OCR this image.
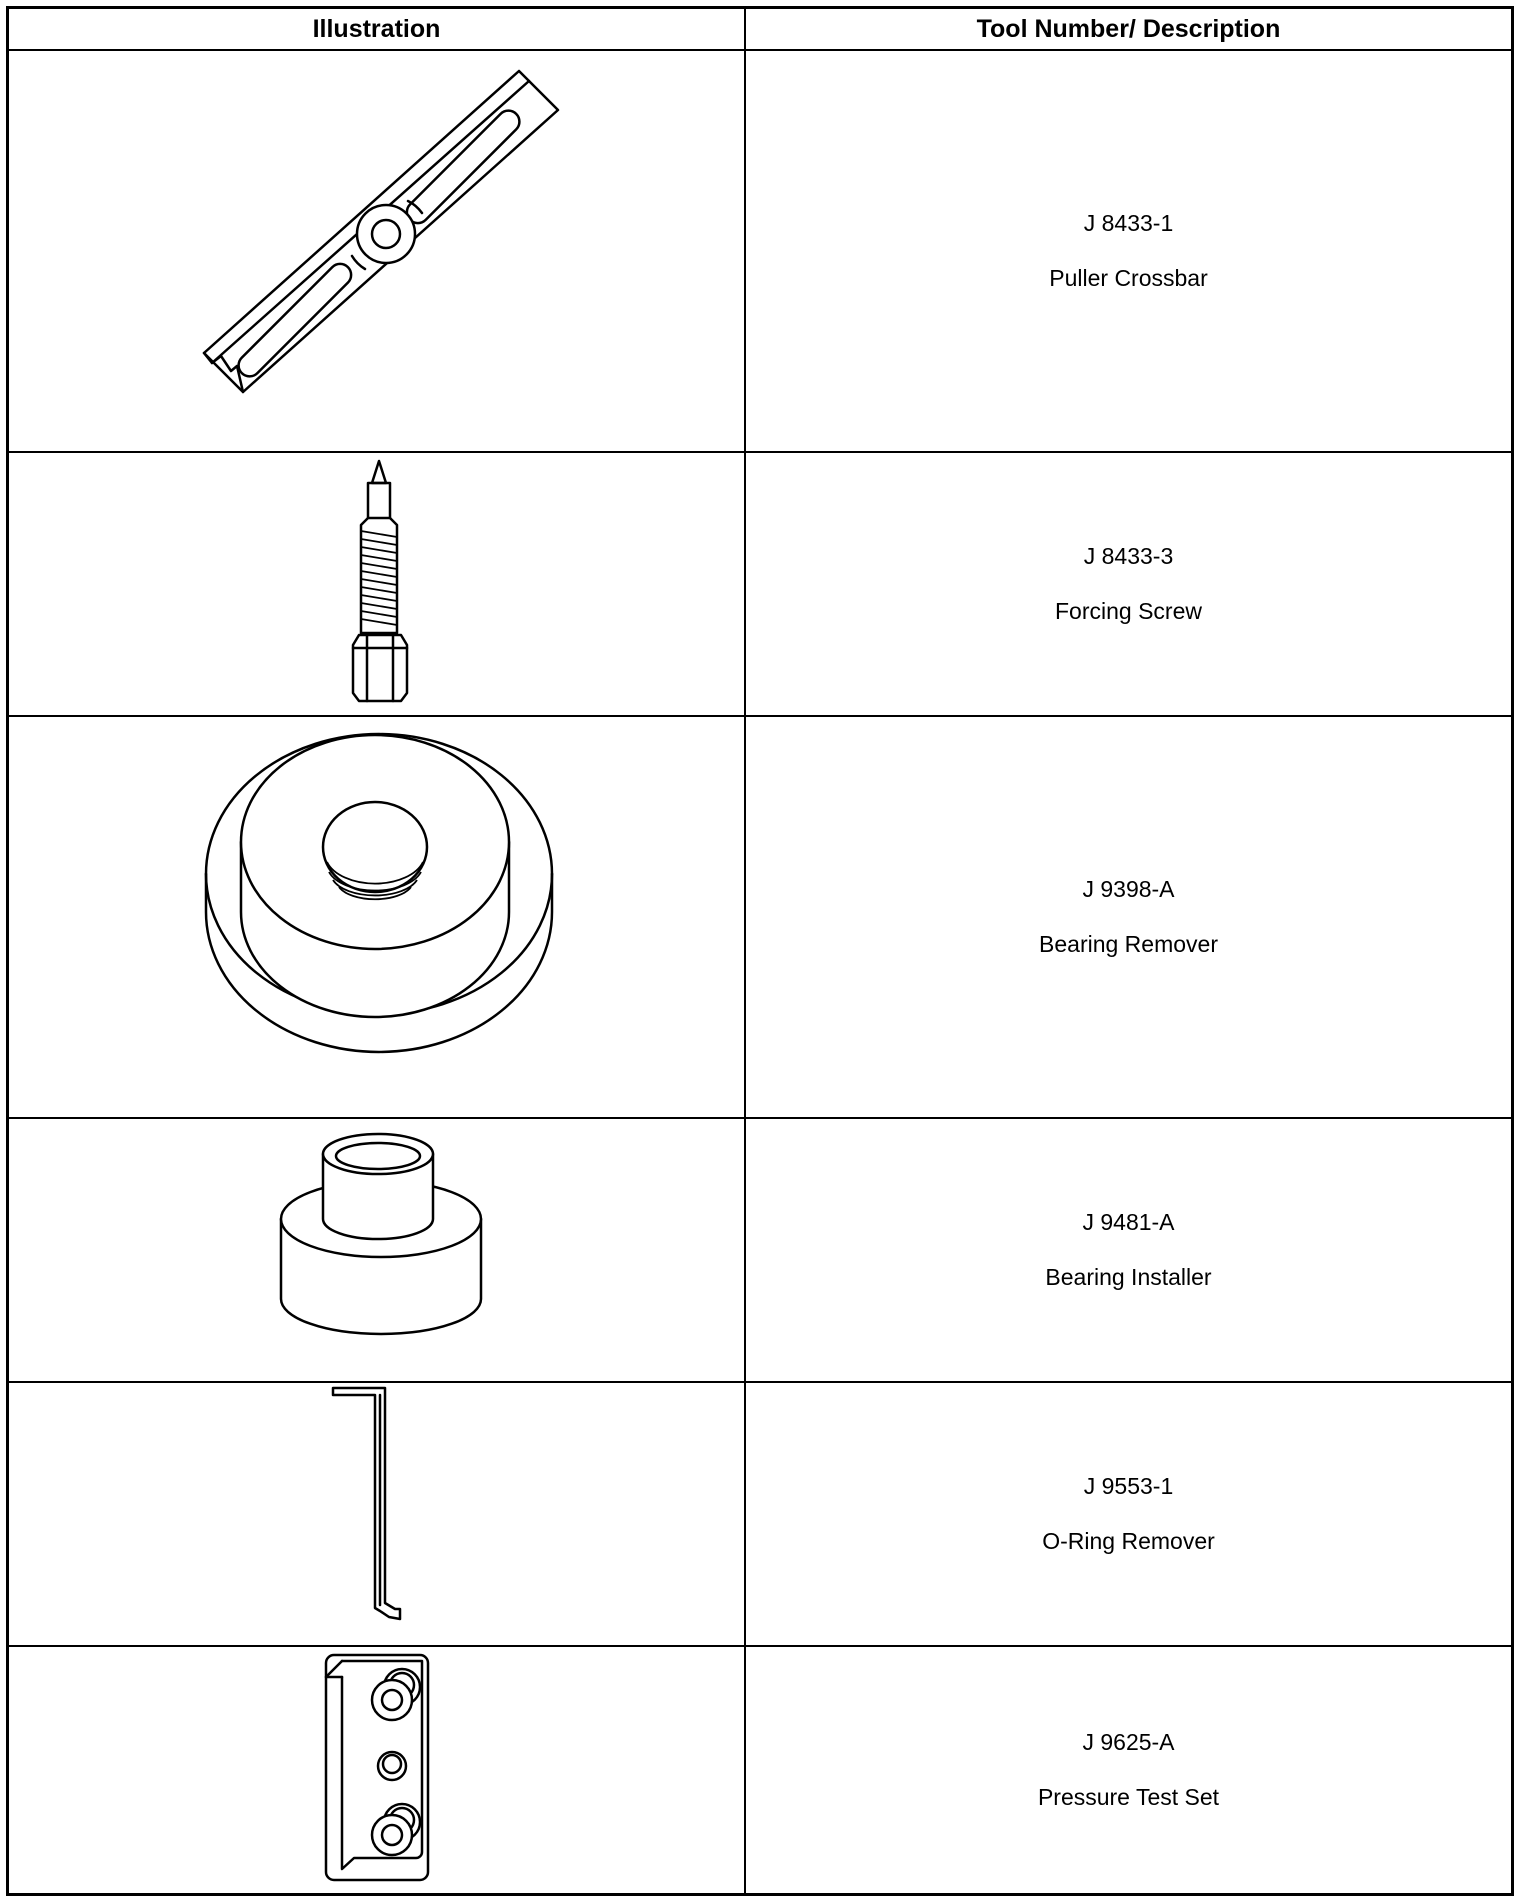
Illustration	Tool Number/ Description
J 8433-1
Puller Crossbar
J 8433-3
Forcing Screw
J 9398-A
Bearing Remover
J 9481-A
Bearing Installer
J 9553-1
O-Ring Remover
J 9625-A
Pressure Test Set
